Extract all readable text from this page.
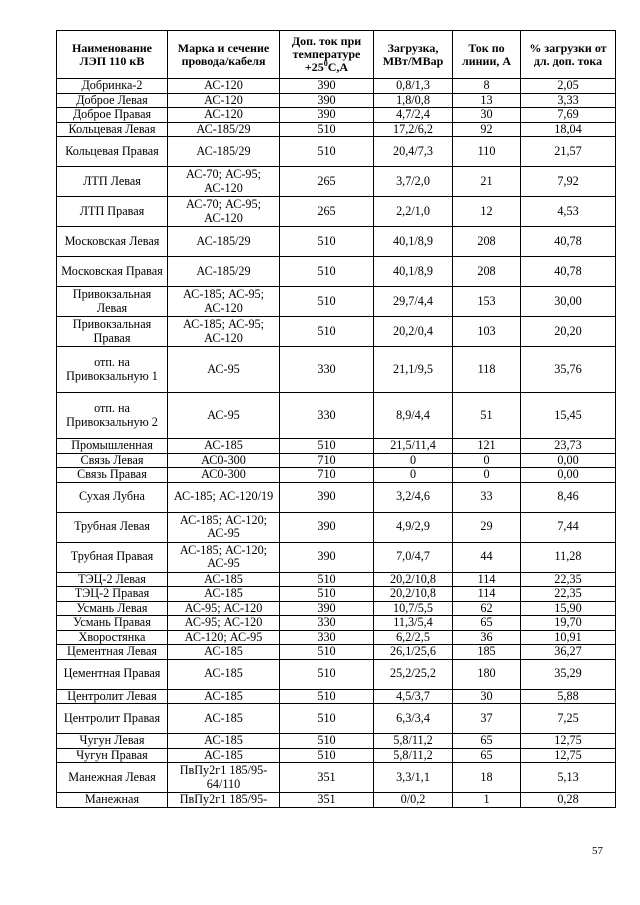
Наименование ЛЭП 110 кВ	Марка и сечение провода/кабеля	Доп. ток при температуре $+25^0С,А$	Загрузка, МВт/МВар	Ток по линии, А	% загрузки от дл. доп. тока
Добринка-2	АС-120	390	0,8/1,3	8	2,05
Доброе Левая	АС-120	390	1,8/0,8	13	3,33
Доброе Правая	АС-120	390	4,7/2,4	30	7,69
Кольцевая Левая	АС-185/29	510	17,2/6,2	92	18,04
Кольцевая Правая	АС-185/29	510	20,4/7,3	110	21,57
ЛТП Левая	АС-70; АС-95; АС-120	265	3,7/2,0	21	7,92
ЛТП Правая	АС-70; АС-95; АС-120	265	2,2/1,0	12	4,53
Московская Левая	АС-185/29	510	40,1/8,9	208	40,78
Московская Правая	АС-185/29	510	40,1/8,9	208	40,78
Привокзальная Левая	АС-185; АС-95; АС-120	510	29,7/4,4	153	30,00
Привокзальная Правая	АС-185; АС-95; АС-120	510	20,2/0,4	103	20,20
отп. на Привокзальную 1	АС-95	330	21,1/9,5	118	35,76
отп. на Привокзальную 2	АС-95	330	8,9/4,4	51	15,45
Промышленная	АС-185	510	21,5/11,4	121	23,73
Связь Левая	АС0-300	710	0	0	0,00
Связь Правая	АС0-300	710	0	0	0,00
Сухая Лубна	АС-185; АС-120/19	390	3,2/4,6	33	8,46
Трубная Левая	АС-185; АС-120; АС-95	390	4,9/2,9	29	7,44
Трубная Правая	АС-185; АС-120; АС-95	390	7,0/4,7	44	11,28
ТЭЦ-2 Левая	АС-185	510	20,2/10,8	114	22,35
ТЭЦ-2 Правая	АС-185	510	20,2/10,8	114	22,35
Усмань Левая	АС-95; АС-120	390	10,7/5,5	62	15,90
Усмань Правая	АС-95; АС-120	330	11,3/5,4	65	19,70
Хворостянка	АС-120; АС-95	330	6,2/2,5	36	10,91
Цементная Левая	АС-185	510	26,1/25,6	185	36,27
Цементная Правая	АС-185	510	25,2/25,2	180	35,29
Центролит Левая	АС-185	510	4,5/3,7	30	5,88
Центролит Правая	АС-185	510	6,3/3,4	37	7,25
Чугун Левая	АС-185	510	5,8/11,2	65	12,75
Чугун Правая	АС-185	510	5,8/11,2	65	12,75
Манежная Левая	ПвПу2г1 185/95-64/110	351	3,3/1,1	18	5,13
Манежная	ПвПу2г1 185/95-	351	0/0,2	1	0,28
57
